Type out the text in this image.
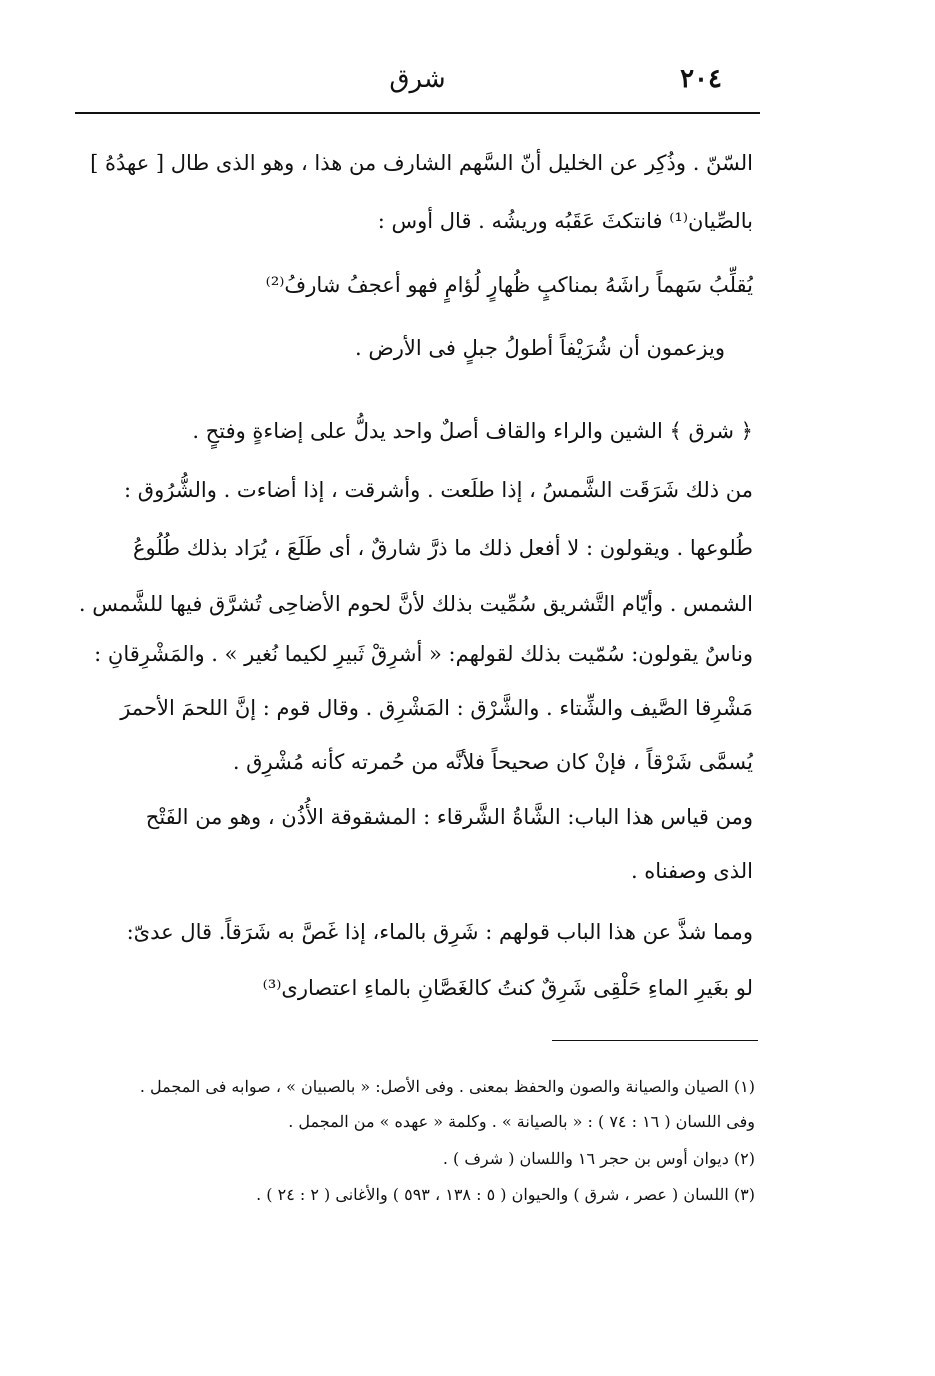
٢٠٤
شرق
السّنّ . وذُكِر عن الخليل أنّ السَّهم الشارف من هذا ، وهو الذى طال [ عهدُهُ ]
بالصِّيان⁽¹⁾ فانتكثَ عَقَبُه وريشُه . قال أوس :
يُقلِّبُ سَهماً راشَهُ بمناكبٍ ظُهارٍ لُؤامٍ فهو أعجفُ شارفُ⁽²⁾
ويزعمون أن شُرَيْفاً أطولُ جبلٍ فى الأرض .
﴿ شرق ﴾ الشين والراء والقاف أصلٌ واحد يدلُّ على إضاءةٍ وفتحٍ .
من ذلك شَرَقَت الشَّمسُ ، إذا طلَعت . وأشرقت ، إذا أضاءت . والشُّرُوق :
طُلوعها . ويقولون : لا أفعل ذلك ما ذرَّ شارقٌ ، أى طَلَعَ ، يُرَاد بذلك طُلُوعُ
الشمس . وأيّام التَّشريق سُمِّيت بذلك لأنَّ لحوم الأضاحِى تُشرَّق فيها للشَّمس .
وناسٌ يقولون: سُمّيت بذلك لقولهم: « أشرِقْ ثَبيرِ لكيما نُغير » . والمَشْرِقانِ :
مَشْرِقا الصَّيف والشِّتاء . والشَّرْق : المَشْرِق . وقال قوم : إنَّ اللحمَ الأحمرَ
يُسمَّى شَرْقاً ، فإنْ كان صحيحاً فلأنَّه من حُمرته كأنه مُشْرِق .
ومن قياس هذا الباب: الشَّاةُ الشَّرقاء : المشقوقة الأُذُن ، وهو من الفَتْح
الذى وصفناه .
ومما شذَّ عن هذا الباب قولهم : شَرِق بالماء، إذا غَصَّ به شَرَقاً. قال عدىّ:
لو بغَيرِ الماءِ حَلْقِى شَرِقٌ كنتُ كالغَصَّانِ بالماءِ اعتصارى⁽³⁾
(١) الصيان والصيانة والصون والحفظ بمعنى . وفى الأصل: « بالصبيان » ، صوابه فى المجمل .
وفى اللسان ( ١٦ : ٧٤ ) : « بالصيانة » . وكلمة « عهده » من المجمل .
(٢) ديوان أوس بن حجر ١٦ واللسان ( شرف ) .
(٣) اللسان ( عصر ، شرق ) والحيوان ( ٥ : ١٣٨ ، ٥٩٣ ) والأغانى ( ٢ : ٢٤ ) .
